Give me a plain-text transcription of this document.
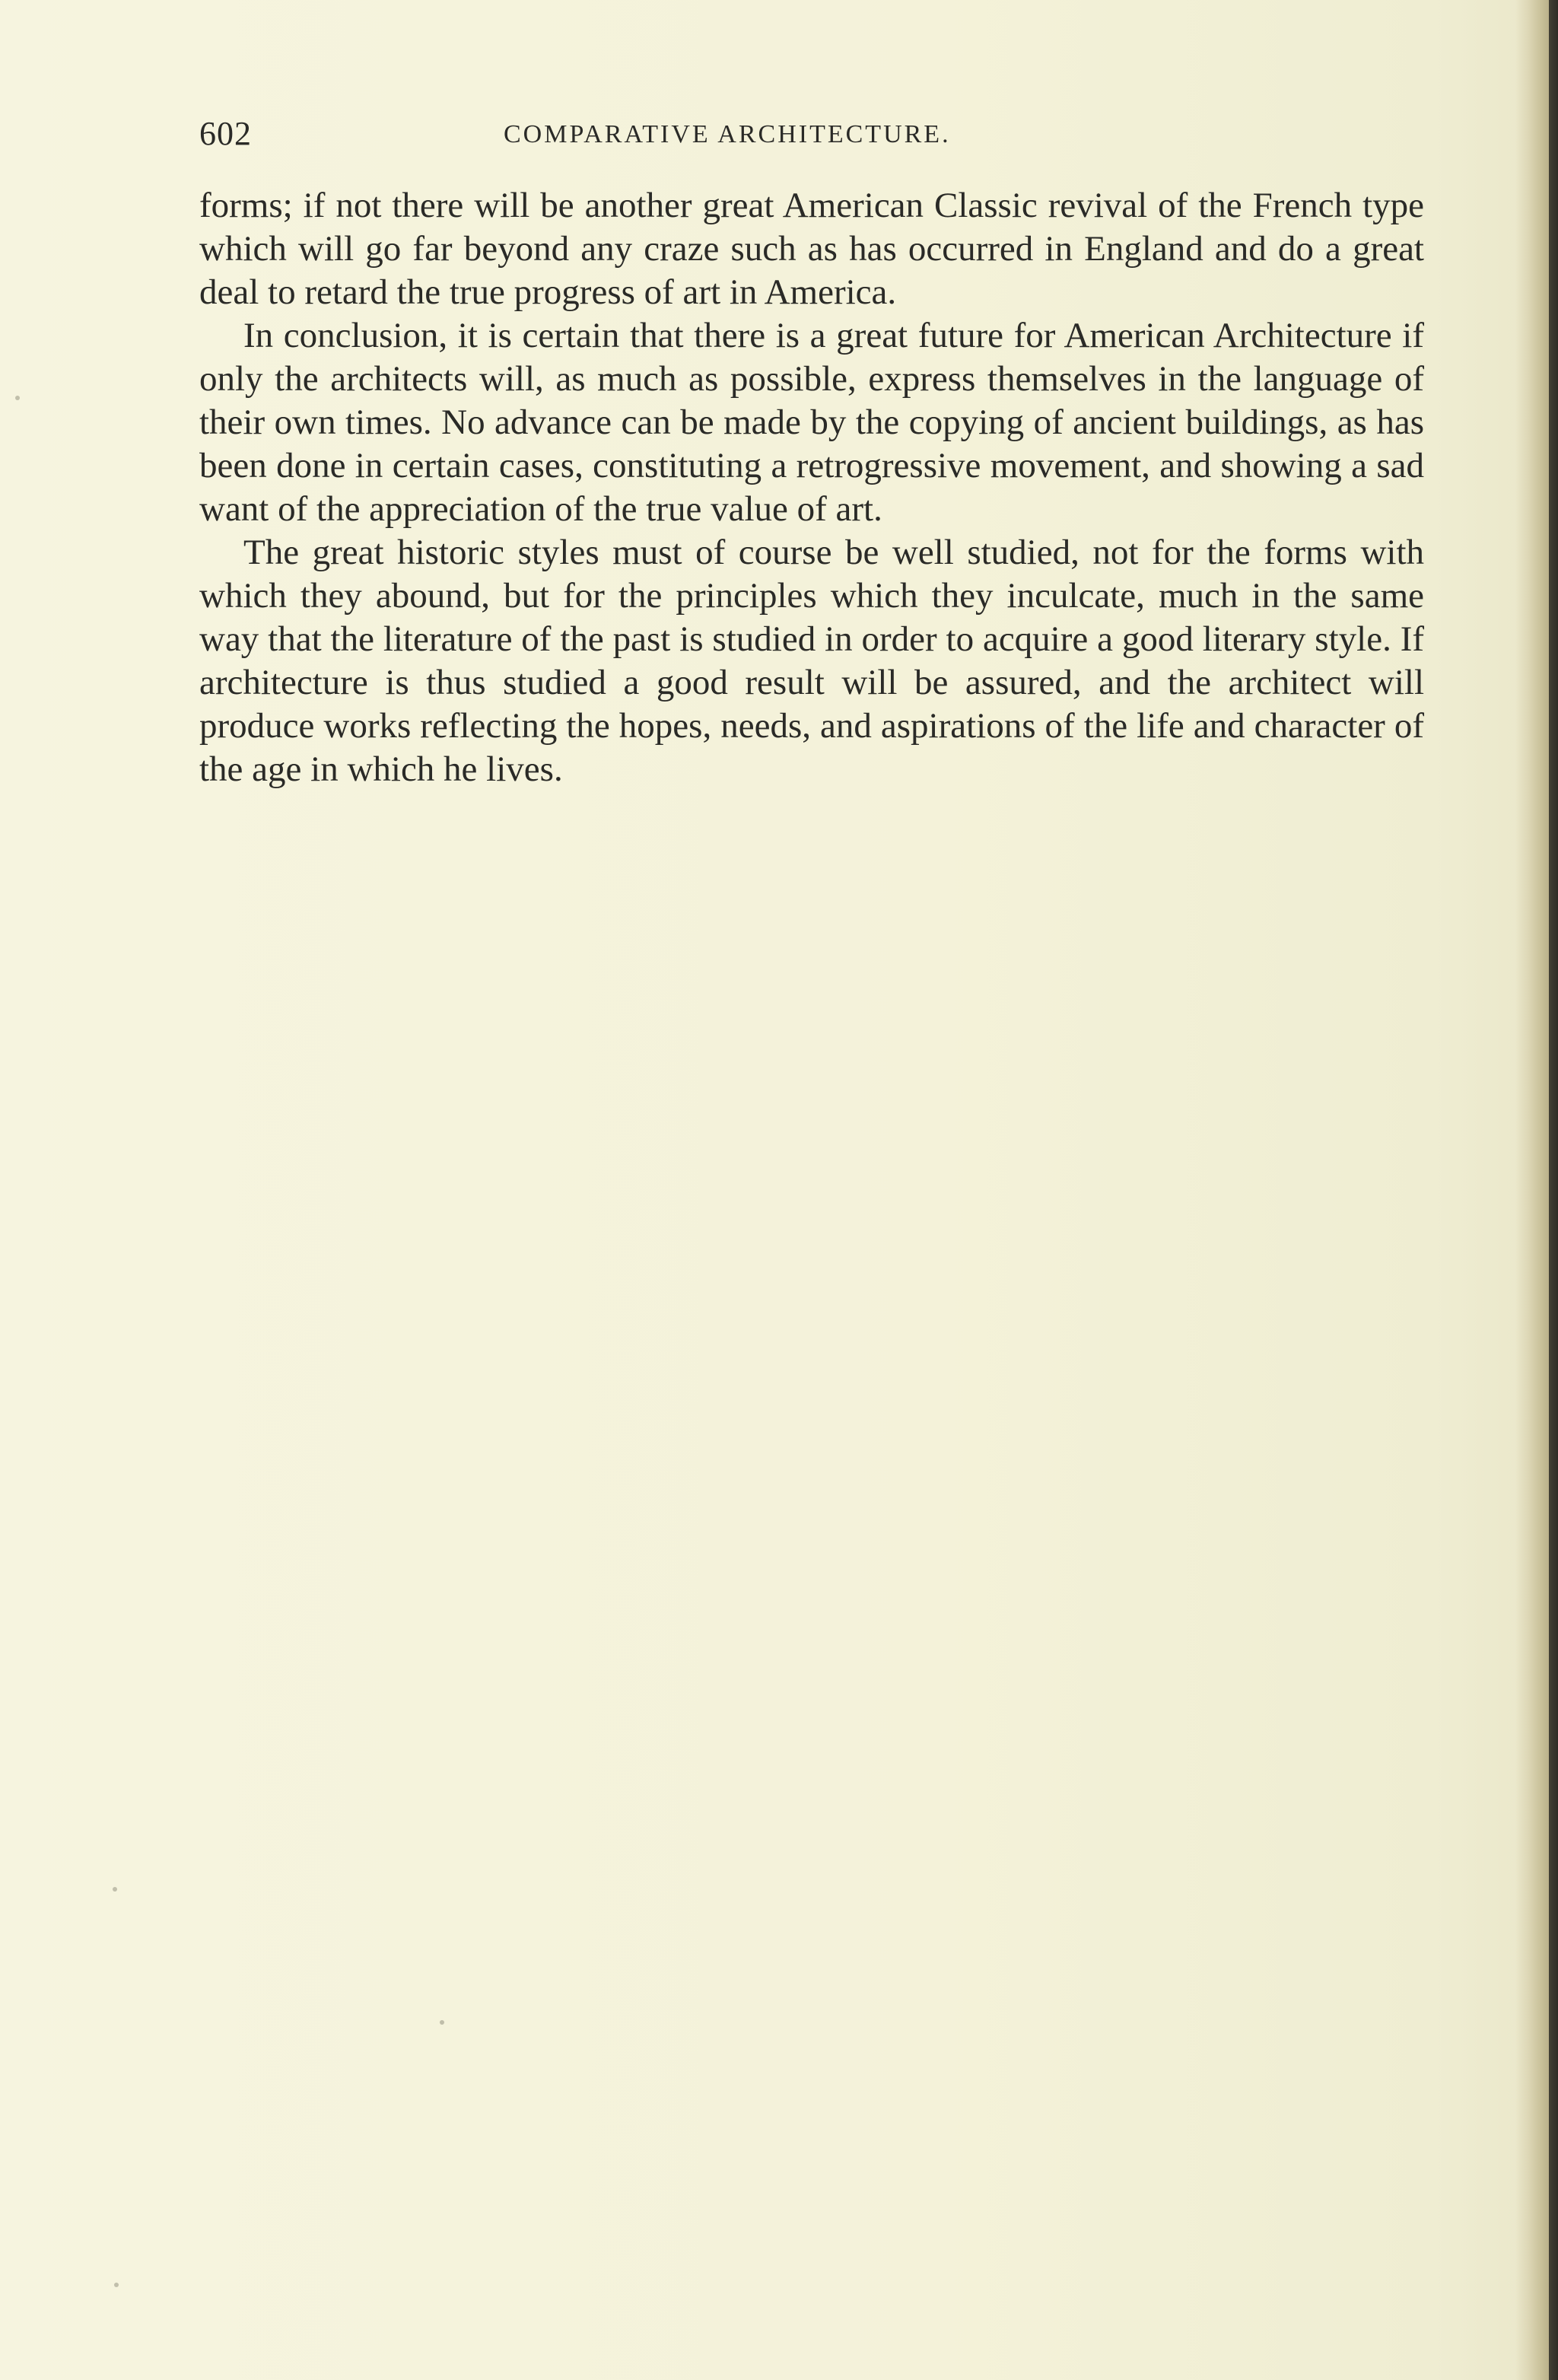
602	COMPARATIVE ARCHITECTURE.

forms; if not there will be another great American Classic revival of the French type which will go far beyond any craze such as has occurred in England and do a great deal to retard the true progress of art in America.

In conclusion, it is certain that there is a great future for American Architecture if only the architects will, as much as possible, express themselves in the language of their own times. No advance can be made by the copying of ancient buildings, as has been done in certain cases, constituting a retrogressive movement, and showing a sad want of the appreciation of the true value of art.

The great historic styles must of course be well studied, not for the forms with which they abound, but for the principles which they inculcate, much in the same way that the literature of the past is studied in order to acquire a good literary style. If architecture is thus studied a good result will be assured, and the architect will produce works reflecting the hopes, needs, and aspirations of the life and character of the age in which he lives.
